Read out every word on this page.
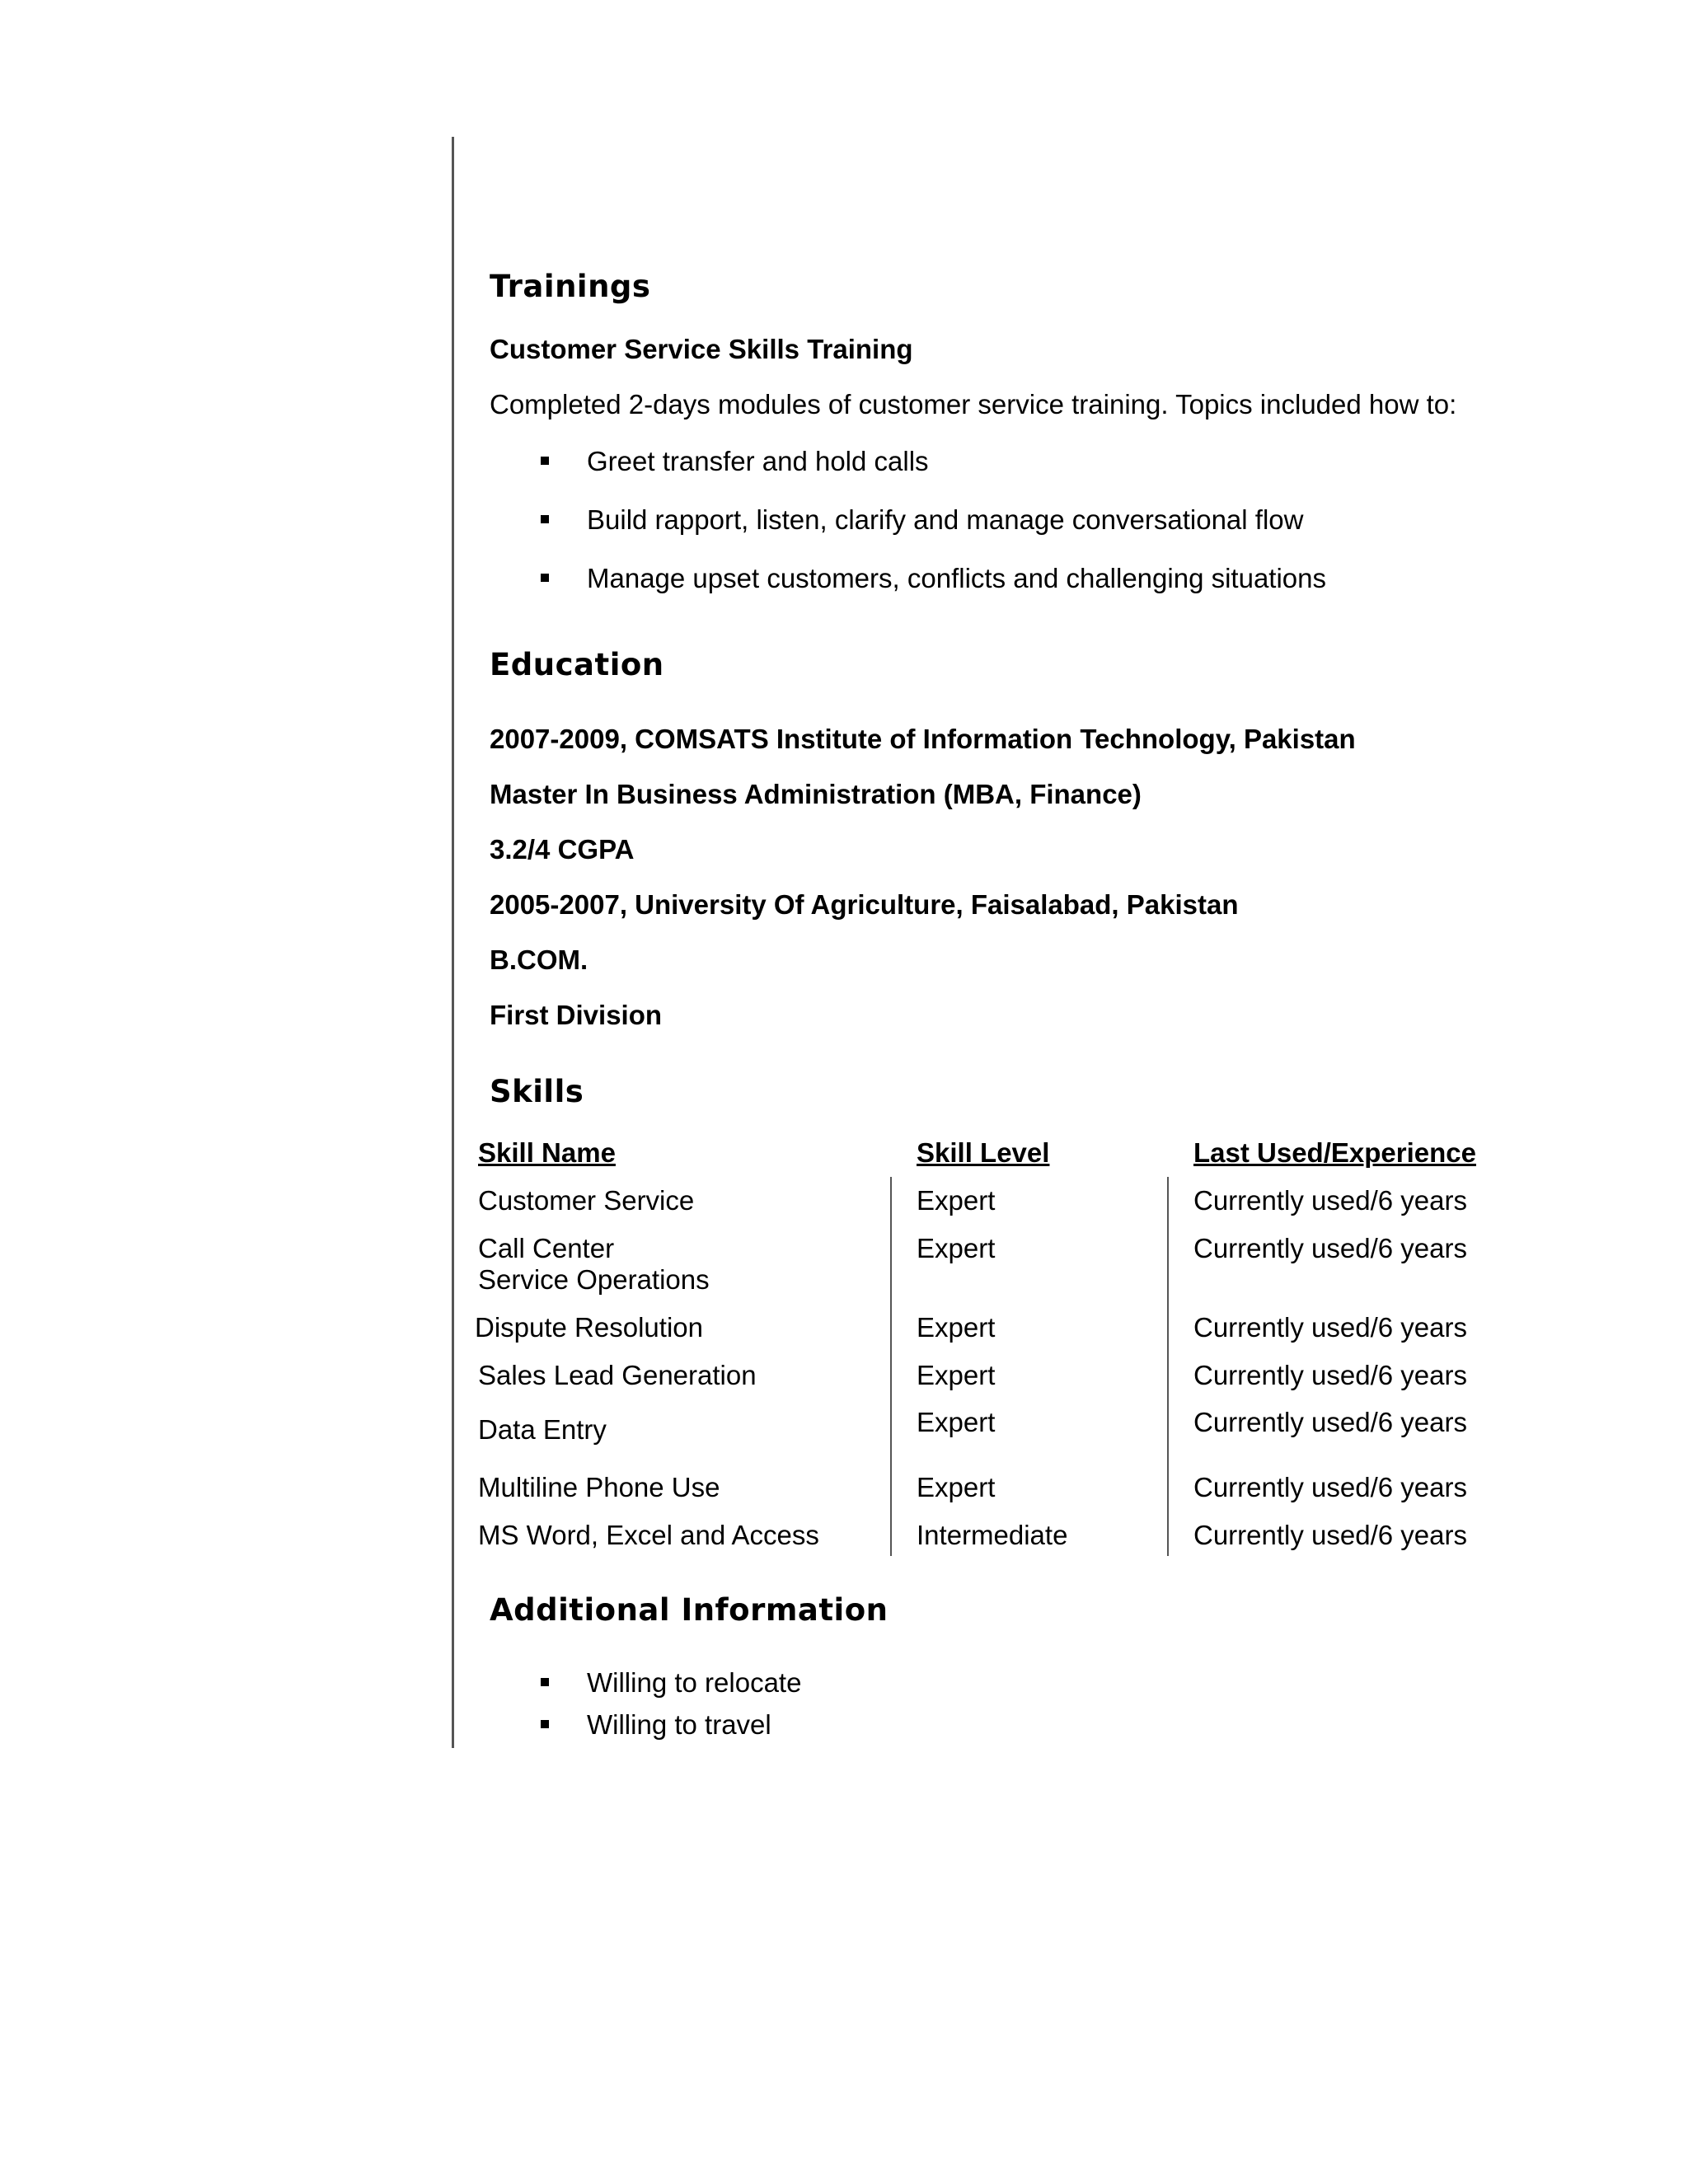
Trainings
Customer Service Skills Training
Completed 2-days modules of customer service training. Topics included how to:
Greet transfer and hold calls
Build rapport, listen, clarify and manage conversational flow
Manage upset customers, conflicts and challenging situations
Education
2007-2009, COMSATS Institute of Information Technology, Pakistan
Master In Business Administration (MBA, Finance)
3.2/4 CGPA
2005-2007, University Of Agriculture, Faisalabad, Pakistan
B.COM.
First Division
Skills
Skill Name	Skill Level	Last Used/Experience
Customer Service	Expert	Currently used/6 years
Call Center
Service Operations
Expert	Currently used/6 years
Dispute Resolution	Expert	Currently used/6 years
Sales Lead Generation	Expert	Currently used/6 years
Data Entry	Expert	Currently used/6 years
Multiline Phone Use	Expert	Currently used/6 years
MS Word, Excel and Access	Intermediate	Currently used/6 years
Additional Information
Willing to relocate
Willing to travel
